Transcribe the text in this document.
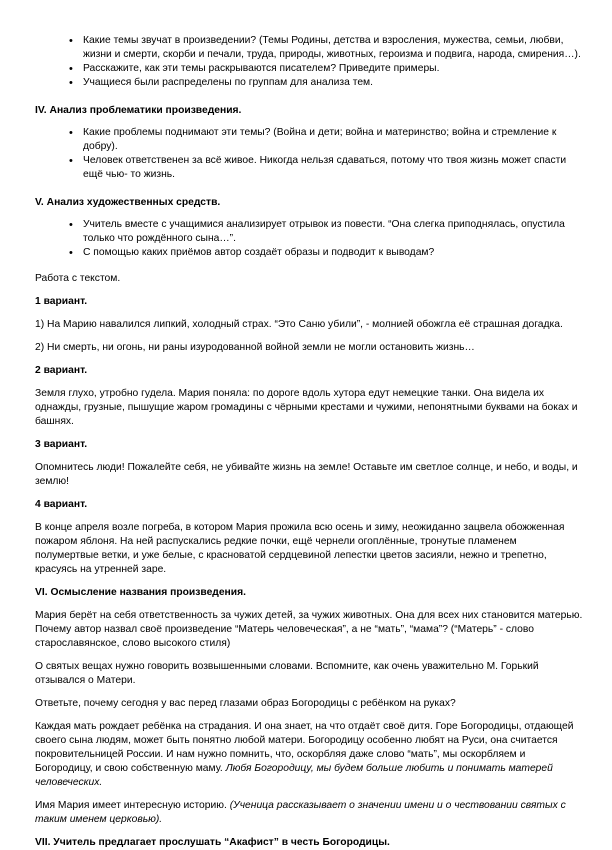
• Какие темы звучат в произведении? (Темы Родины, детства и взросления, мужества, семьи, любви, жизни и смерти, скорби и печали, труда, природы, животных, героизма и подвига, народа, смирения…).
• Расскажите, как эти темы раскрываются писателем? Приведите примеры.
• Учащиеся были распределены по группам для анализа тем.

IV. Анализ проблематики произведения.

• Какие проблемы поднимают эти темы? (Война и дети; война и материнство; война и стремление к добру).
• Человек ответственен за всё живое. Никогда нельзя сдаваться, потому что твоя жизнь может спасти ещё чью- то жизнь.

V. Анализ художественных средств.

• Учитель вместе с учащимися анализирует отрывок из повести. “Она слегка приподнялась, опустила только что рождённого сына…”.
• С помощью каких приёмов автор создаёт образы и подводит к выводам?

Работа с текстом.

1 вариант.

1) На Марию навалился липкий, холодный страх. “Это Саню убили”, - молнией обожгла её страшная догадка.

2) Ни смерть, ни огонь, ни раны изуродованной войной земли не могли остановить жизнь…

2 вариант.

Земля глухо, утробно гудела. Мария поняла: по дороге вдоль хутора едут немецкие танки. Она видела их однажды, грузные, пышущие жаром громадины с чёрными крестами и чужими, непонятными буквами на боках и башнях.

3 вариант.

Опомнитесь люди! Пожалейте себя, не убивайте жизнь на земле! Оставьте им светлое солнце, и небо, и воды, и землю!

4 вариант.

В конце апреля возле погреба, в котором Мария прожила всю осень и зиму, неожиданно зацвела обожженная пожаром яблоня. На ней распускались редкие почки, ещё чернели огоплённые, тронутые пламенем полумертвые ветки, и уже белые, с красноватой сердцевиной лепестки цветов засияли, нежно и трепетно, красуясь на утренней заре.

VI. Осмысление названия произведения.

Мария берёт на себя ответственность за чужих детей, за чужих животных. Она для всех них становится матерью. Почему автор назвал своё произведение “Матерь человеческая”, а не “мать”, “мама”? (“Матерь” - слово старославянское, слово высокого стиля)

О святых вещах нужно говорить возвышенными словами. Вспомните, как очень уважительно М. Горький отзывался о Матери.

Ответьте, почему сегодня у вас перед глазами образ Богородицы с ребёнком на руках?

Каждая мать рождает ребёнка на страдания. И она знает, на что отдаёт своё дитя. Горе Богородицы, отдающей своего сына людям, может быть понятно любой матери. Богородицу особенно любят на Руси, она считается покровительницей России. И нам нужно помнить, что, оскорбляя даже слово “мать”, мы оскорбляем и Богородицу, и свою собственную маму. Любя Богородицу, мы будем больше любить и понимать матерей человеческих.

Имя Мария имеет интересную историю. (Ученица рассказывает о значении имени и о чествовании святых с таким именем церковью).

VII. Учитель предлагает прослушать “Акафист” в честь Богородицы.
